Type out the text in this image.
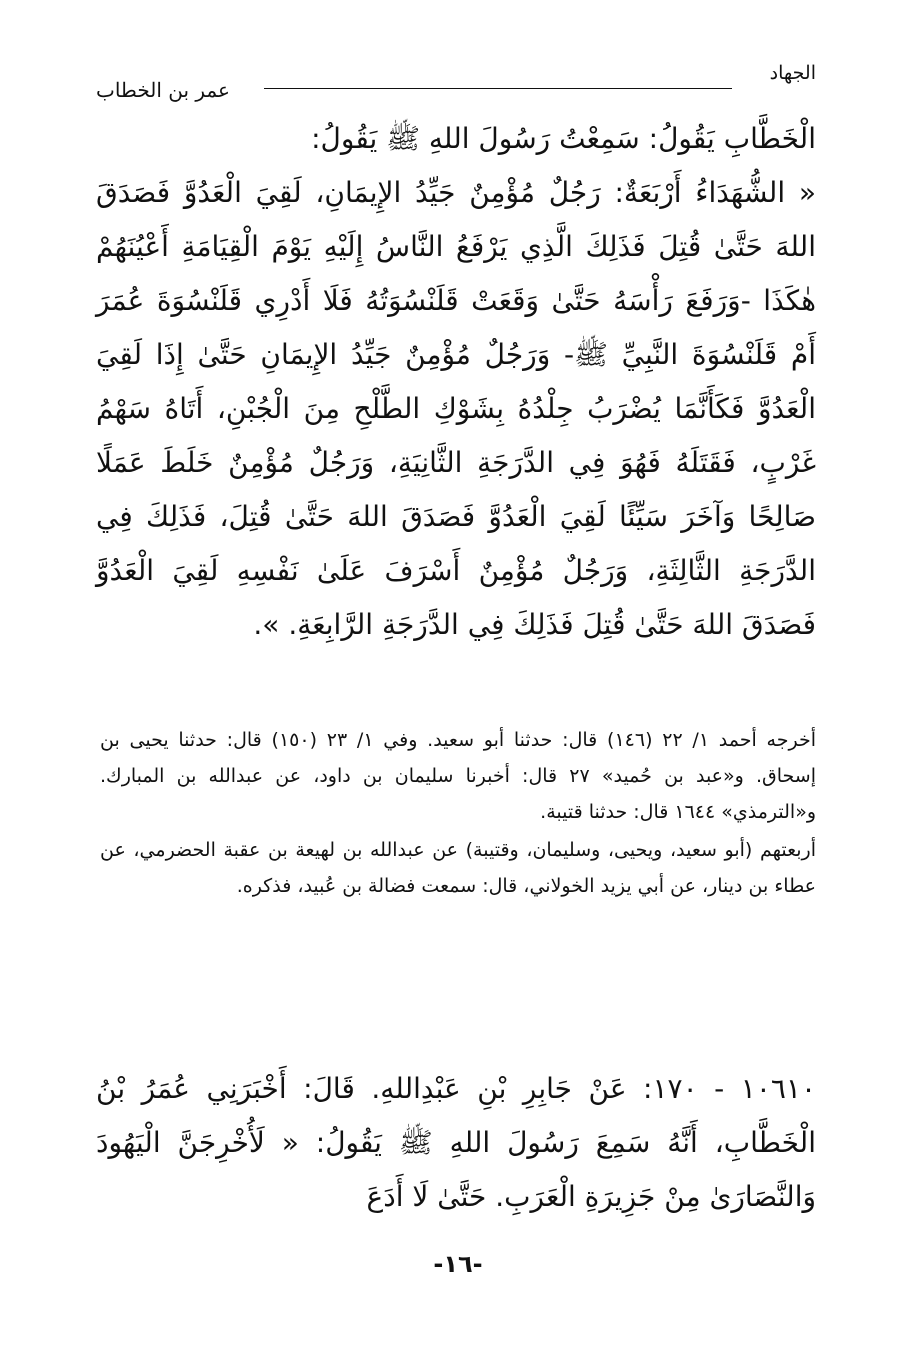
الجهاد
عمر بن الخطاب

الْخَطَّابِ يَقُولُ: سَمِعْتُ رَسُولَ اللهِ ﷺ يَقُولُ:

« الشُّهَدَاءُ أَرْبَعَةٌ: رَجُلٌ مُؤْمِنٌ جَيِّدُ الإِيمَانِ، لَقِيَ الْعَدُوَّ فَصَدَقَ اللهَ حَتَّىٰ قُتِلَ فَذَلِكَ الَّذِي يَرْفَعُ النَّاسُ إِلَيْهِ يَوْمَ الْقِيَامَةِ أَعْيُنَهُمْ هٰكَذَا -وَرَفَعَ رَأْسَهُ حَتَّىٰ وَقَعَتْ قَلَنْسُوَتُهُ فَلَا أَدْرِي قَلَنْسُوَةَ عُمَرَ أَمْ قَلَنْسُوَةَ النَّبِيِّ ﷺ- وَرَجُلٌ مُؤْمِنٌ جَيِّدُ الإِيمَانِ حَتَّىٰ إِذَا لَقِيَ الْعَدُوَّ فَكَأَنَّمَا يُضْرَبُ جِلْدُهُ بِشَوْكِ الطَّلْحِ مِنَ الْجُبْنِ، أَتَاهُ سَهْمُ غَرْبٍ، فَقَتَلَهُ فَهُوَ فِي الدَّرَجَةِ الثَّانِيَةِ، وَرَجُلٌ مُؤْمِنٌ خَلَطَ عَمَلًا صَالِحًا وَآخَرَ سَيِّئًا لَقِيَ الْعَدُوَّ فَصَدَقَ اللهَ حَتَّىٰ قُتِلَ، فَذَلِكَ فِي الدَّرَجَةِ الثَّالِثَةِ، وَرَجُلٌ مُؤْمِنٌ أَسْرَفَ عَلَىٰ نَفْسِهِ لَقِيَ الْعَدُوَّ فَصَدَقَ اللهَ حَتَّىٰ قُتِلَ فَذَلِكَ فِي الدَّرَجَةِ الرَّابِعَةِ. ».

أخرجه أحمد ١/ ٢٢ (١٤٦) قال: حدثنا أبو سعيد. وفي ١/ ٢٣ (١٥٠) قال: حدثنا يحيى بن إسحاق. و«عبد بن حُميد» ٢٧ قال: أخبرنا سليمان بن داود، عن عبدالله بن المبارك. و«الترمذي» ١٦٤٤ قال: حدثنا قتيبة.

أربعتهم (أبو سعيد، ويحيى، وسليمان، وقتيبة) عن عبدالله بن لهيعة بن عقبة الحضرمي، عن عطاء بن دينار، عن أبي يزيد الخولاني، قال: سمعت فضالة بن عُبيد، فذكره.

١٠٦١٠ - ١٧٠: عَنْ جَابِرِ بْنِ عَبْدِاللهِ. قَالَ: أَخْبَرَنِي عُمَرُ بْنُ الْخَطَّابِ، أَنَّهُ سَمِعَ رَسُولَ اللهِ ﷺ يَقُولُ: « لَأُخْرِجَنَّ الْيَهُودَ وَالنَّصَارَىٰ مِنْ جَزِيرَةِ الْعَرَبِ. حَتَّىٰ لَا أَدَعَ

-١٦-
